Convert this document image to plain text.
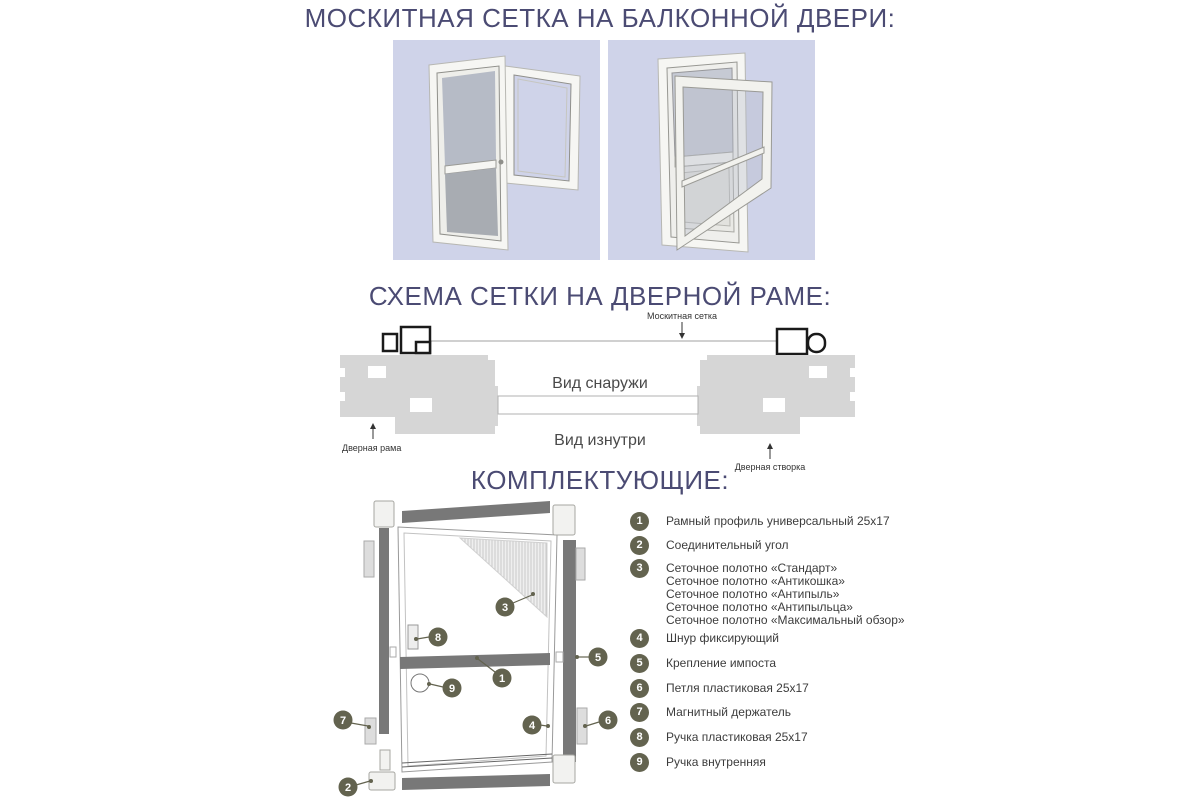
МОСКИТНАЯ СЕТКА НА БАЛКОННОЙ ДВЕРИ:
СХЕМА СЕТКИ НА ДВЕРНОЙ РАМЕ:
Москитная сетка
Вид снаружи
Вид изнутри
Дверная рама
Дверная створка
КОМПЛЕКТУЮЩИЕ:
1
2
3
4
5
6
7
8
9
1	Рамный профиль универсальный 25х17
2	Соединительный угол
3	Сеточное полотно «Стандарт»
Сеточное полотно «Антикошка»
Сеточное полотно «Антипыль»
Сеточное полотно «Антипыльца»
Сеточное полотно «Максимальный обзор»
4	Шнур фиксирующий
5	Крепление импоста
6	Петля пластиковая 25х17
7	Магнитный держатель
8	Ручка пластиковая 25х17
9	Ручка внутренняя
